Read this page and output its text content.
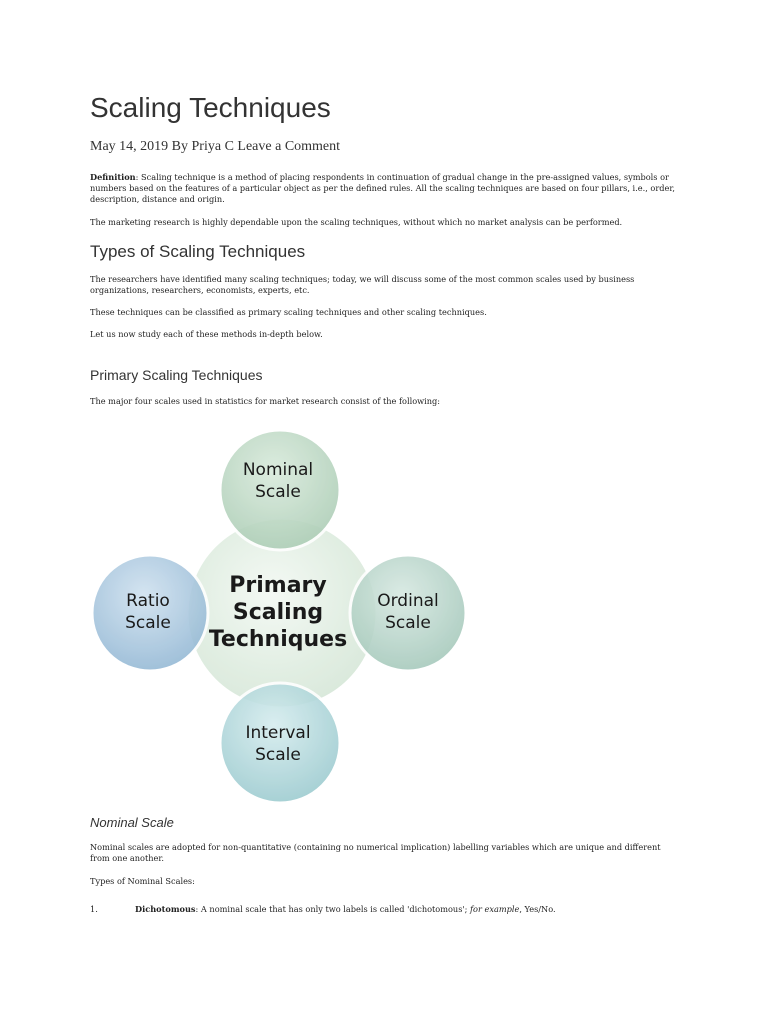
Scaling Techniques
May 14, 2019 By Priya C Leave a Comment

Definition: Scaling technique is a method of placing respondents in continuation of gradual change in the pre-assigned values, symbols or numbers based on the features of a particular object as per the defined rules. All the scaling techniques are based on four pillars, i.e., order, description, distance and origin.

The marketing research is highly dependable upon the scaling techniques, without which no market analysis can be performed.

Types of Scaling Techniques

The researchers have identified many scaling techniques; today, we will discuss some of the most common scales used by business organizations, researchers, economists, experts, etc.

These techniques can be classified as primary scaling techniques and other scaling techniques.

Let us now study each of these methods in-depth below.

Primary Scaling Techniques

The major four scales used in statistics for market research consist of the following:

Primary
Scaling
Techniques
Nominal
Scale
Ratio
Scale
Ordinal
Scale
Interval
Scale
Nominal Scale

Nominal scales are adopted for non-quantitative (containing no numerical implication) labelling variables which are unique and different from one another.

Types of Nominal Scales:

1.	Dichotomous: A nominal scale that has only two labels is called 'dichotomous'; for example, Yes/No.
